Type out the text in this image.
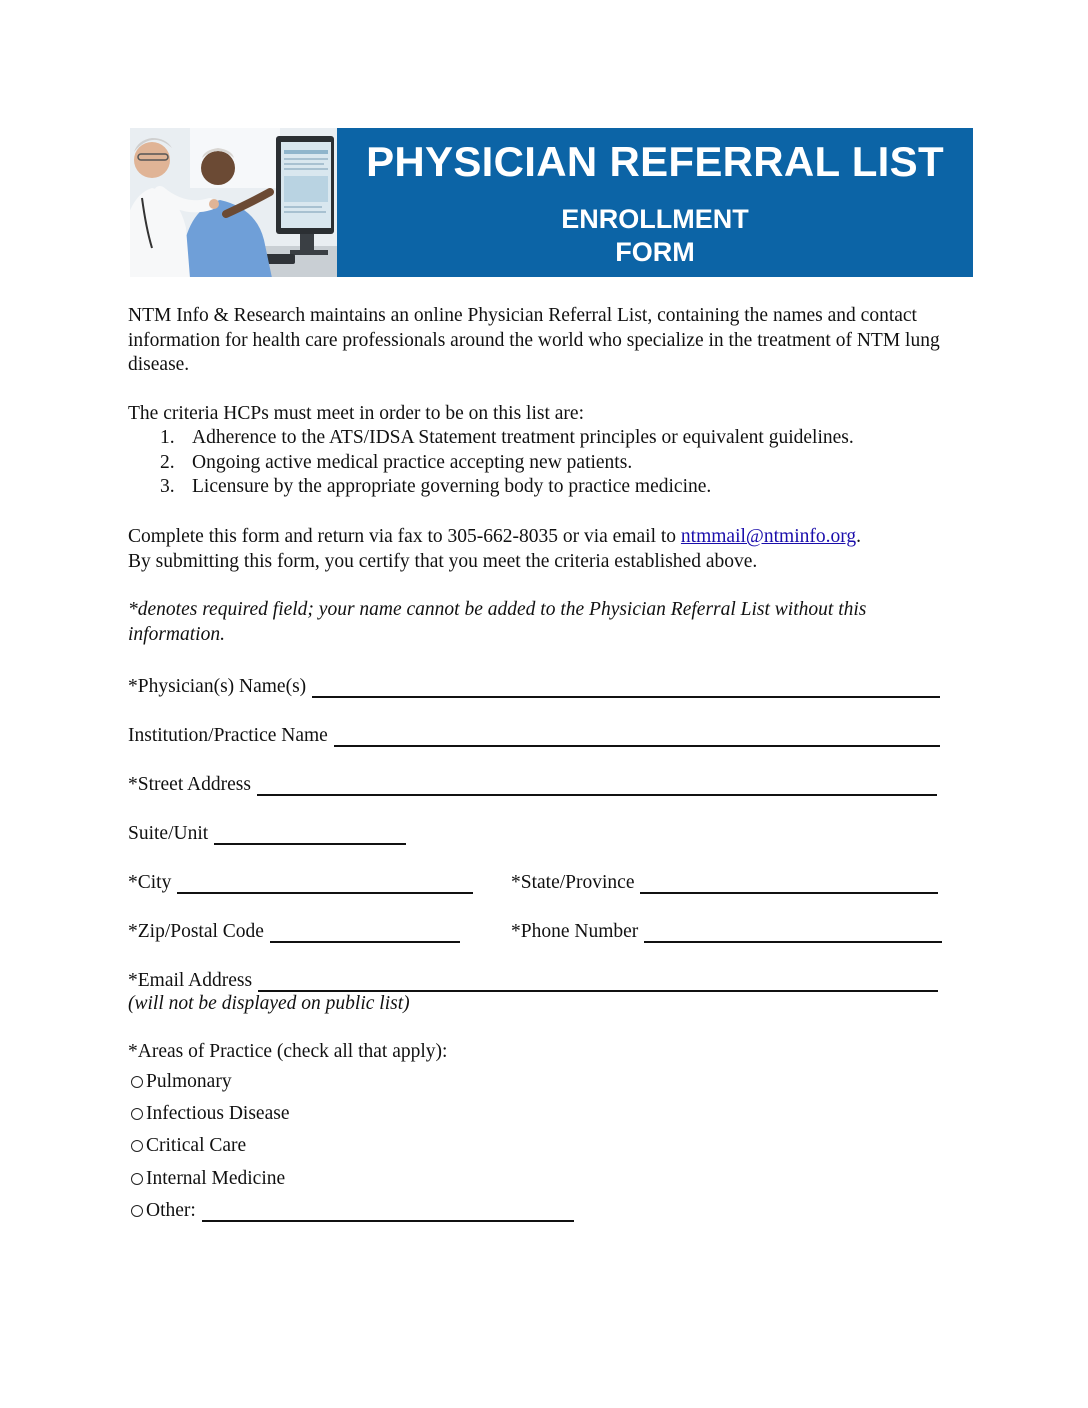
PHYSICIAN REFERRAL LIST
ENROLLMENT
FORM

NTM Info & Research maintains an online Physician Referral List, containing the names and contact information for health care professionals around the world who specialize in the treatment of NTM lung disease.

The criteria HCPs must meet in order to be on this list are:

1. Adherence to the ATS/IDSA Statement treatment principles or equivalent guidelines.
2. Ongoing active medical practice accepting new patients.
3. Licensure by the appropriate governing body to practice medicine.

Complete this form and return via fax to 305-662-8035 or via email to ntmmail@ntminfo.org.
By submitting this form, you certify that you meet the criteria established above.

*denotes required field; your name cannot be added to the Physician Referral List without this information.

*Physician(s) Name(s)
Institution/Practice Name
*Street Address
Suite/Unit
*City	*State/Province
*Zip/Postal Code	*Phone Number
*Email Address

(will not be displayed on public list)

*Areas of Practice (check all that apply):

Pulmonary
Infectious Disease
Critical Care
Internal Medicine
Other:
